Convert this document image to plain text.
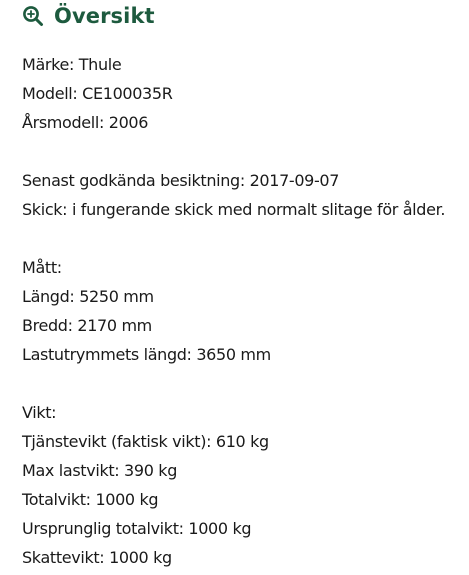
Översikt
Märke: Thule
Modell: CE100035R
Årsmodell: 2006
Senast godkända besiktning: 2017-09-07
Skick: i fungerande skick med normalt slitage för ålder.
Mått:
Längd: 5250 mm
Bredd: 2170 mm
Lastutrymmets längd: 3650 mm
Vikt:
Tjänstevikt (faktisk vikt): 610 kg
Max lastvikt: 390 kg
Totalvikt: 1000 kg
Ursprunglig totalvikt: 1000 kg
Skattevikt: 1000 kg
